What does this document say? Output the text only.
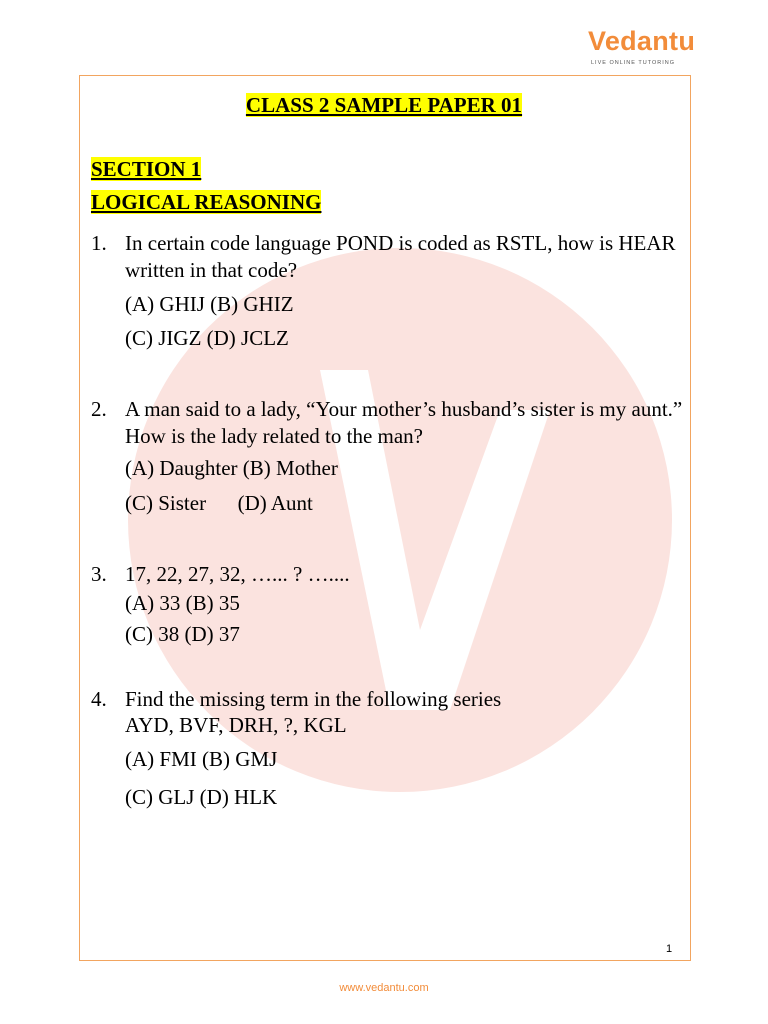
Vedantu
LIVE ONLINE TUTORING
CLASS 2 SAMPLE PAPER 01
SECTION 1
LOGICAL REASONING
1. In certain code language POND is coded as RSTL, how is HEAR written in that code?
(A) GHIJ (B) GHIZ
(C) JIGZ (D) JCLZ
2. A man said to a lady, “Your mother’s husband’s sister is my aunt.” How is the lady related to the man?
(A) Daughter (B) Mother
(C) Sister      (D) Aunt
3. 17, 22, 27, 32, …... ? …....
(A) 33 (B) 35
(C) 38 (D) 37
4. Find the missing term in the following series
AYD, BVF, DRH, ?, KGL
(A) FMI (B) GMJ
(C) GLJ (D) HLK
1
www.vedantu.com
